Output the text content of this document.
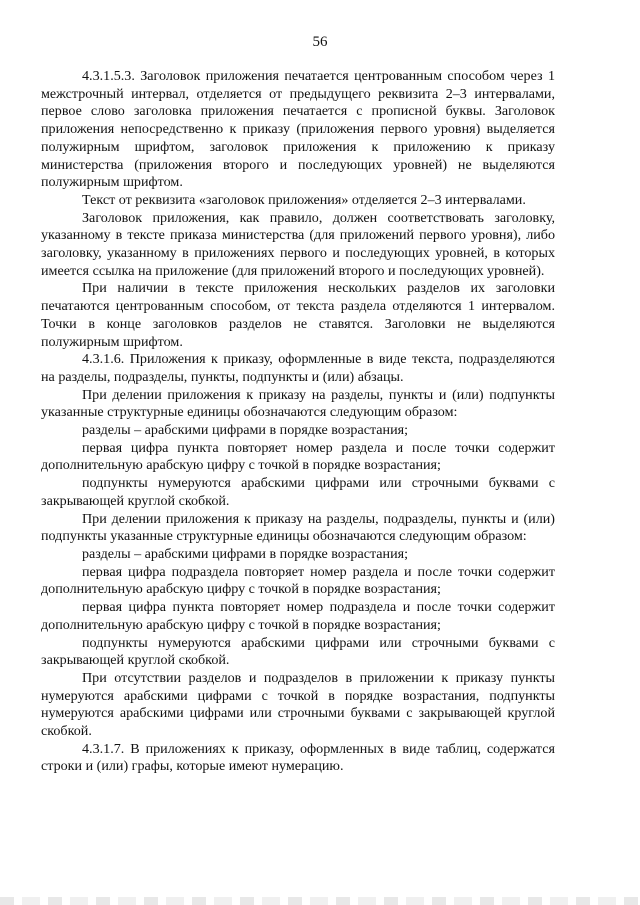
56

4.3.1.5.3. Заголовок приложения печатается центрованным способом через 1 межстрочный интервал, отделяется от предыдущего реквизита 2–3 интервалами, первое слово заголовка приложения печатается с прописной буквы. Заголовок приложения непосредственно к приказу (приложения первого уровня) выделяется полужирным шрифтом, заголовок приложения к приложению к приказу министерства (приложения второго и последующих уровней) не выделяются полужирным шрифтом.

Текст от реквизита «заголовок приложения» отделяется 2–3 интервалами.

Заголовок приложения, как правило, должен соответствовать заголовку, указанному в тексте приказа министерства (для приложений первого уровня), либо заголовку, указанному в приложениях первого и последующих уровней, в которых имеется ссылка на приложение (для приложений второго и последующих уровней).

При наличии в тексте приложения нескольких разделов их заголовки печатаются центрованным способом, от текста раздела отделяются 1 интервалом. Точки в конце заголовков разделов не ставятся. Заголовки не выделяются полужирным шрифтом.

4.3.1.6. Приложения к приказу, оформленные в виде текста, подразделяются на разделы, подразделы, пункты, подпункты и (или) абзацы.

При делении приложения к приказу на разделы, пункты и (или) подпункты указанные структурные единицы обозначаются следующим образом:

разделы – арабскими цифрами в порядке возрастания;

первая цифра пункта повторяет номер раздела и после точки содержит дополнительную арабскую цифру с точкой в порядке возрастания;

подпункты нумеруются арабскими цифрами или строчными буквами с закрывающей круглой скобкой.

При делении приложения к приказу на разделы, подразделы, пункты и (или) подпункты указанные структурные единицы обозначаются следующим образом:

разделы – арабскими цифрами в порядке возрастания;

первая цифра подраздела повторяет номер раздела и после точки содержит дополнительную арабскую цифру с точкой в порядке возрастания;

первая цифра пункта повторяет номер подраздела и после точки содержит дополнительную арабскую цифру с точкой в порядке возрастания;

подпункты нумеруются арабскими цифрами или строчными буквами с закрывающей круглой скобкой.

При отсутствии разделов и подразделов в приложении к приказу пункты нумеруются арабскими цифрами с точкой в порядке возрастания, подпункты нумеруются арабскими цифрами или строчными буквами с закрывающей круглой скобкой.

4.3.1.7. В приложениях к приказу, оформленных в виде таблиц, содержатся строки и (или) графы, которые имеют нумерацию.
